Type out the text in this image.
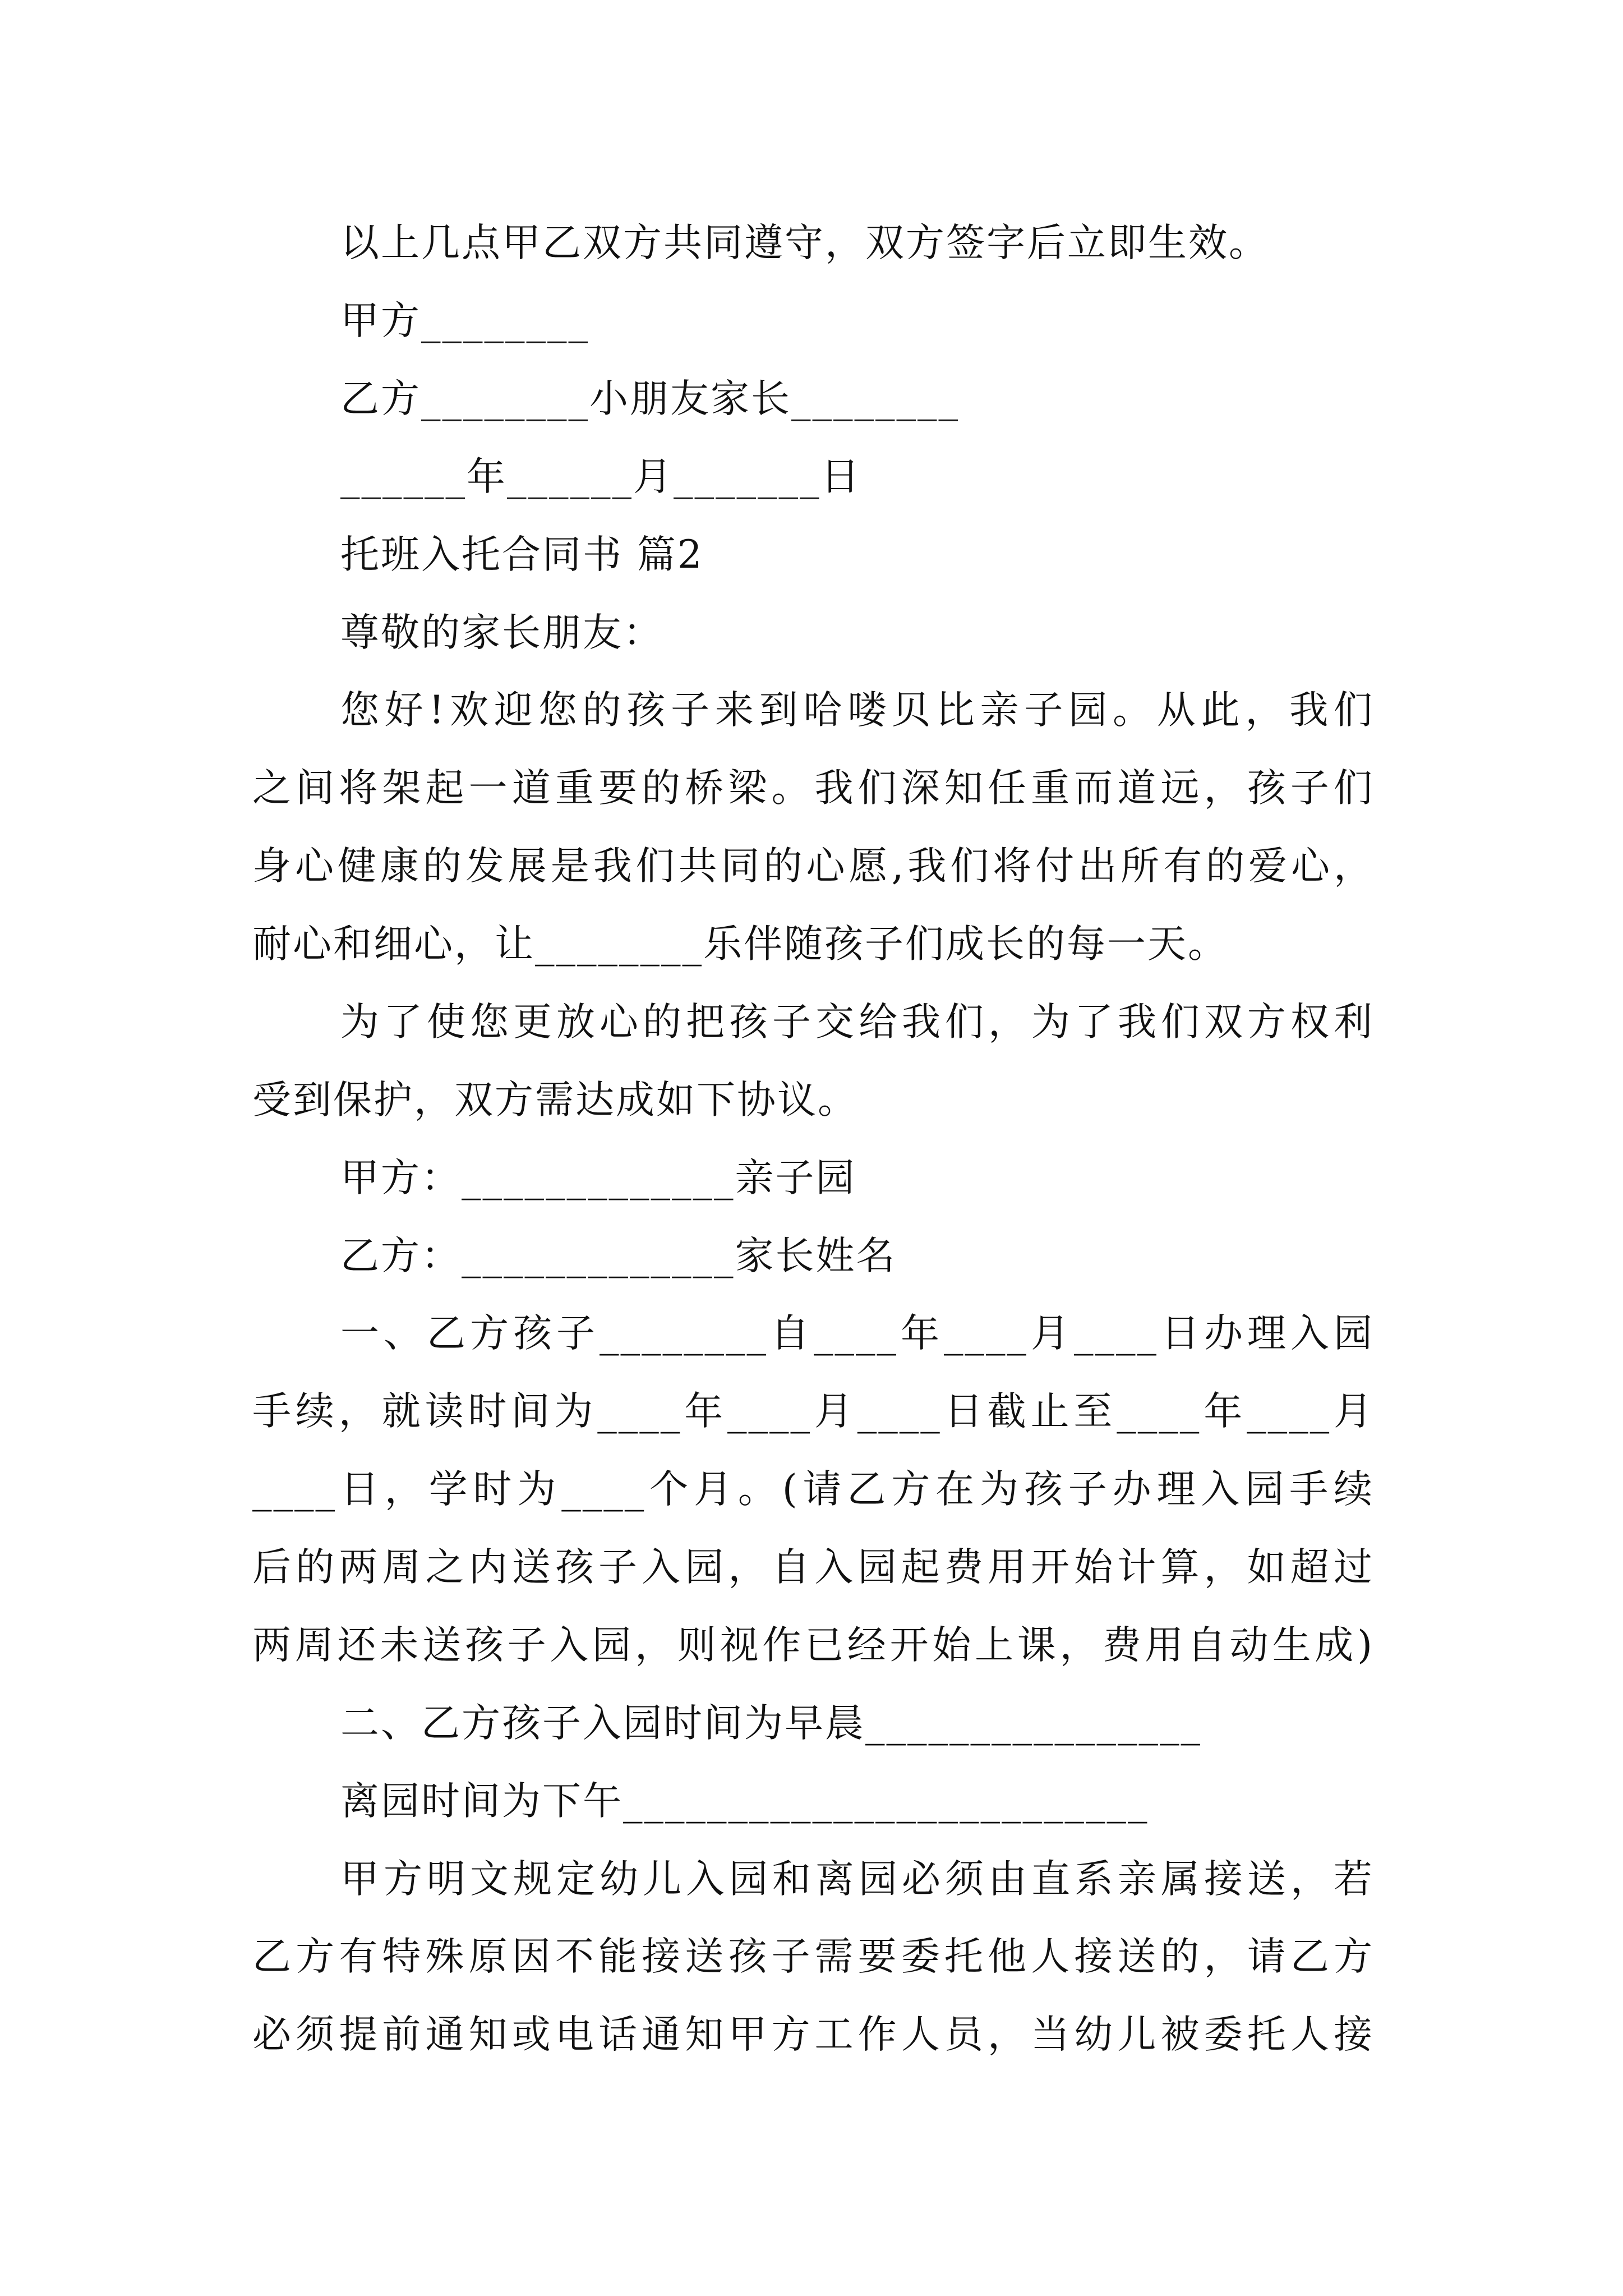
以上几点甲乙双方共同遵守，双方签字后立即生效。
甲方________
乙方________小朋友家长________
______年______月_______日
托班入托合同书 篇2
尊敬的家长朋友：
您好!欢迎您的孩子来到哈喽贝比亲子园。从此，我们
之间将架起一道重要的桥梁。我们深知任重而道远，孩子们
身心健康的发展是我们共同的心愿,我们将付出所有的爱心，
耐心和细心，让________乐伴随孩子们成长的每一天。
为了使您更放心的把孩子交给我们，为了我们双方权利
受到保护，双方需达成如下协议。
甲方：_____________亲子园
乙方：_____________家长姓名
一、乙方孩子________自____年____月____日办理入园
手续，就读时间为____年____月____日截止至____年____月
____日，学时为____个月。(请乙方在为孩子办理入园手续
后的两周之内送孩子入园，自入园起费用开始计算，如超过
两周还未送孩子入园，则视作已经开始上课，费用自动生成)
二、乙方孩子入园时间为早晨________________
离园时间为下午_________________________
甲方明文规定幼儿入园和离园必须由直系亲属接送，若
乙方有特殊原因不能接送孩子需要委托他人接送的，请乙方
必须提前通知或电话通知甲方工作人员，当幼儿被委托人接
